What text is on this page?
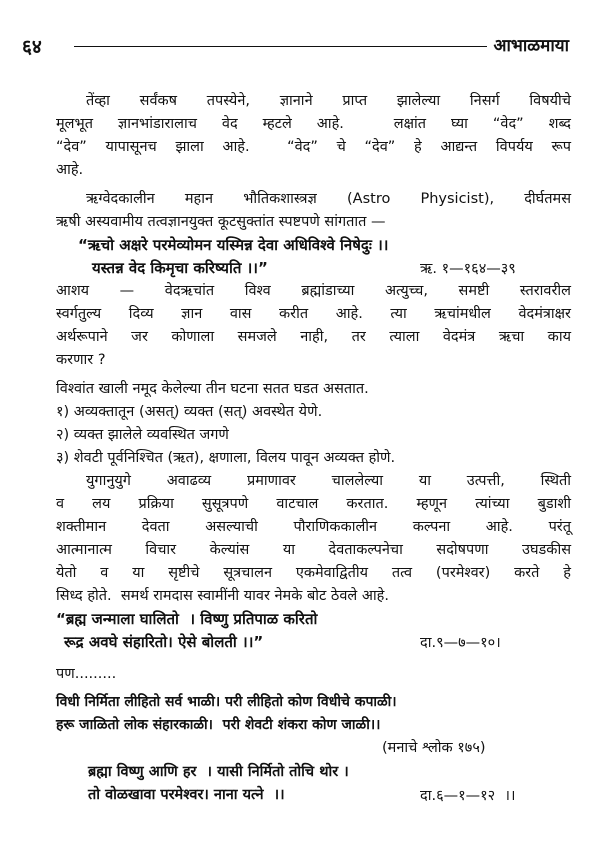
६४	आभाळमाया
तेंव्हा सर्वंकष तपस्येने, ज्ञानाने प्राप्त झालेल्या निसर्ग विषयीचे
मूलभूत ज्ञानभांडारालाच वेद म्हटले आहे.  लक्षांत घ्या “वेद” शब्द
“देव” यापासूनच झाला आहे.  “वेद” चे “देव” हे आद्यन्त विपर्यय रूप
आहे.
ऋग्वेदकालीन महान भौतिकशास्त्रज्ञ (Astro Physicist), दीर्घतमस
ऋषी अस्यवामीय तत्वज्ञानयुक्त कूटसुक्तांत स्पष्टपणे सांगतात —
“ऋचो अक्षरे परमेव्योमन यस्मिन्न देवा अधिविश्वे निषेदुः ।।
यस्तन्न वेद किमृचा करिष्यति ।।”	ऋ. १—१६४—३९
आशय — वेदऋचांत विश्व ब्रह्मांडाच्या अत्युच्च, समष्टी स्तरावरील
स्वर्गतुल्य दिव्य ज्ञान वास करीत आहे. त्या ऋचांमधील वेदमंत्राक्षर
अर्थरूपाने जर कोणाला समजले नाही, तर त्याला वेदमंत्र ऋचा काय
करणार ?
विश्वांत खाली नमूद केलेल्या तीन घटना सतत घडत असतात.
१) अव्यक्तातून (असत्) व्यक्त (सत्) अवस्थेत येणे.
२) व्यक्त झालेले व्यवस्थित जगणे
३) शेवटी पूर्वनिश्चित (ऋत), क्षणाला, विलय पावून अव्यक्त होणे.
युगानुयुगे अवाढव्य प्रमाणावर चाललेल्या या उत्पत्ती, स्थिती
व लय प्रक्रिया सुसूत्रपणे वाटचाल करतात. म्हणून त्यांच्या बुडाशी
शक्तीमान देवता असल्याची पौराणिककालीन कल्पना आहे. परंतू
आत्मानात्म विचार केल्यांस या देवताकल्पनेचा सदोषपणा उघडकीस
येतो व या सृष्टीचे सूत्रचालन एकमेवाद्वितीय तत्व (परमेश्वर) करते हे
सिध्द होते.  समर्थ रामदास स्वामींनी यावर नेमके बोट ठेवले आहे.
“ब्रह्म जन्माला घालितो  । विष्णु प्रतिपाळ करितो
रूद्र अवघे संहारितो। ऐसे बोलती ।।”	दा.९—७—१०।
पण.........
विधी निर्मिता लीहितो सर्व भाळी। परी लीहितो कोण विधीचे कपाळी।
हरू जाळितो लोक संहारकाळी।  परी शेवटी शंकरा कोण जाळी।।
(मनाचे श्लोक १७५)
ब्रह्मा विष्णु आणि हर  । यासी निर्मितो तोचि थोर ।
तो वोळखावा परमेश्वर। नाना यत्ने  ।।	दा.६—१—१२  ।।
